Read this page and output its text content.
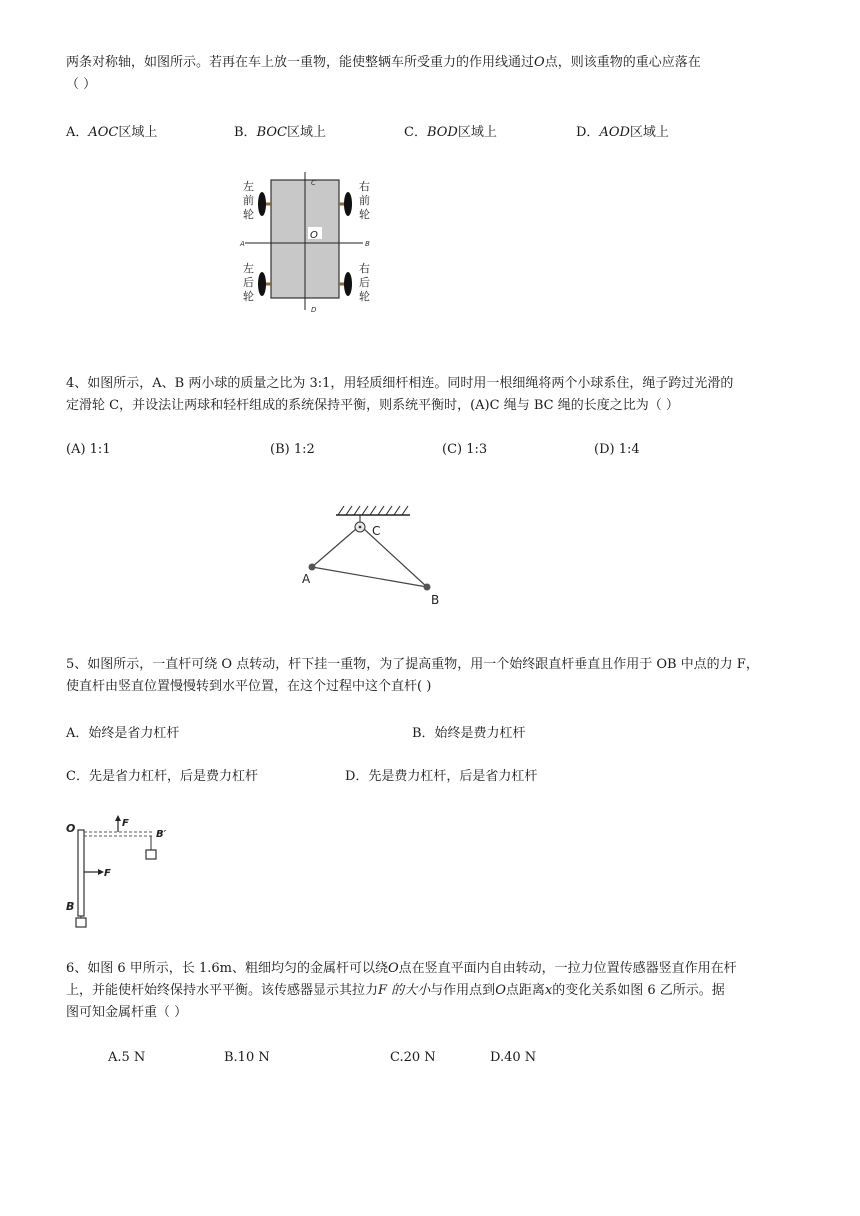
两条对称轴，如图所示。若再在车上放一重物，能使整辆车所受重力的作用线通过O点，则该重物的重心应落在
（ ）
A．AOC区域上	B．BOC区域上	C．BOD区域上	D．AOD区域上
O
左
前
轮
右
前
轮
左
后
轮
右
后
轮
C
D
A	B
4、如图所示，A、B 两小球的质量之比为 3:1，用轻质细杆相连。同时用一根细绳将两个小球系住，绳子跨过光滑的
定滑轮 C，并设法让两球和轻杆组成的系统保持平衡，则系统平衡时，(A)C 绳与 BC 绳的长度之比为（ ）
(A) 1:1	(B) 1:2	(C) 1:3	(D) 1:4
C
A
B
5、如图所示，一直杆可绕 O 点转动，杆下挂一重物，为了提高重物，用一个始终跟直杆垂直且作用于 OB 中点的力 F，
使直杆由竖直位置慢慢转到水平位置，在这个过程中这个直杆( )
A．始终是省力杠杆	B．始终是费力杠杆
C．先是省力杠杆，后是费力杠杆	D．先是费力杠杆，后是省力杠杆
O	F
B′
F
B
6、如图 6 甲所示，长 1.6m、粗细均匀的金属杆可以绕O点在竖直平面内自由转动，一拉力位置传感器竖直作用在杆
上，并能使杆始终保持水平平衡。该传感器显示其拉力F 的大小与作用点到O点距离x的变化关系如图 6 乙所示。据
图可知金属杆重（ ）
A.5 N	B.10 N	C.20 N	D.40 N
